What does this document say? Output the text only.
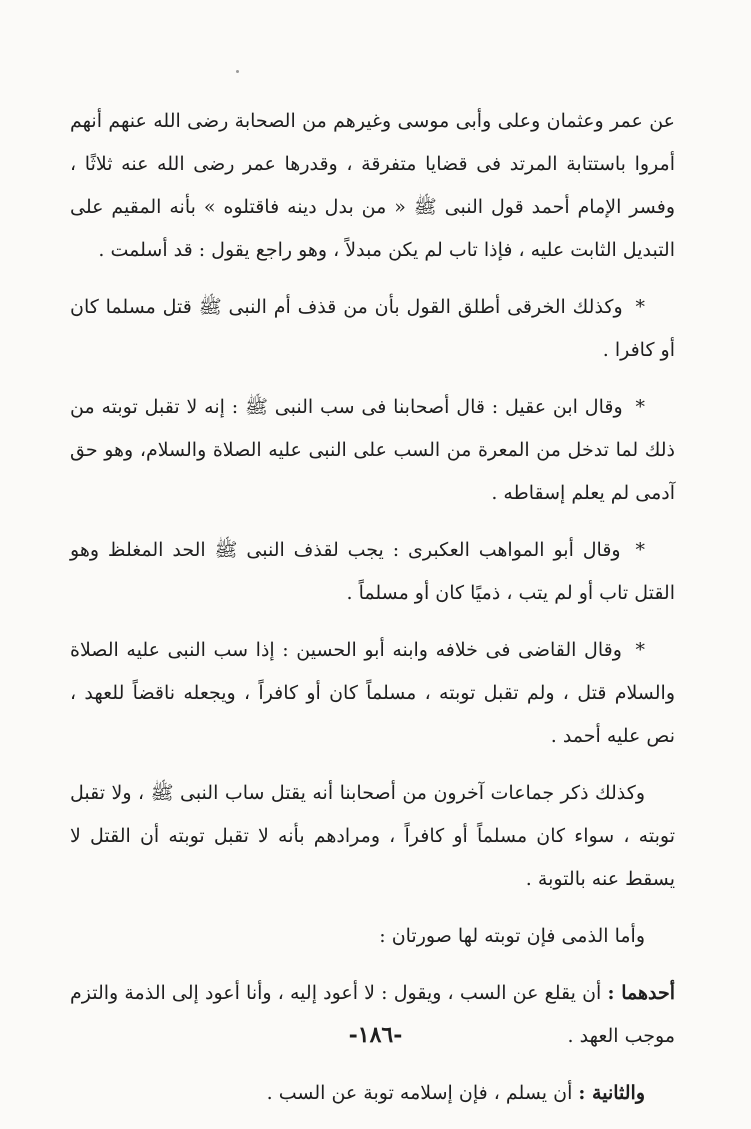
عن عمر وعثمان وعلى وأبى موسى وغيرهم من الصحابة رضى الله عنهم أنهم أمروا باستتابة المرتد فى قضايا متفرقة ، وقدرها عمر رضى الله عنه ثلاثًا ، وفسر الإمام أحمد قول النبى ﷺ « من بدل دينه فاقتلوه » بأنه المقيم على التبديل الثابت عليه ، فإذا تاب لم يكن مبدلاً ، وهو راجع يقول : قد أسلمت .

* وكذلك الخرقى أطلق القول بأن من قذف أم النبى ﷺ قتل مسلما كان أو كافرا .

* وقال ابن عقيل : قال أصحابنا فى سب النبى ﷺ : إنه لا تقبل توبته من ذلك لما تدخل من المعرة من السب على النبى عليه الصلاة والسلام، وهو حق آدمى لم يعلم إسقاطه .

* وقال أبو المواهب العكبرى : يجب لقذف النبى ﷺ الحد المغلظ وهو القتل تاب أو لم يتب ، ذميًا كان أو مسلماً .

* وقال القاضى فى خلافه وابنه أبو الحسين : إذا سب النبى عليه الصلاة والسلام قتل ، ولم تقبل توبته ، مسلماً كان أو كافراً ، ويجعله ناقضاً للعهد ، نص عليه أحمد .

وكذلك ذكر جماعات آخرون من أصحابنا أنه يقتل ساب النبى ﷺ ، ولا تقبل توبته ، سواء كان مسلماً أو كافراً ، ومرادهم بأنه لا تقبل توبته أن القتل لا يسقط عنه بالتوبة .

وأما الذمى فإن توبته لها صورتان :

أحدهما : أن يقلع عن السب ، ويقول : لا أعود إليه ، وأنا أعود إلى الذمة والتزم موجب العهد .

والثانية : أن يسلم ، فإن إسلامه توبة عن السب .

-١٨٦-
